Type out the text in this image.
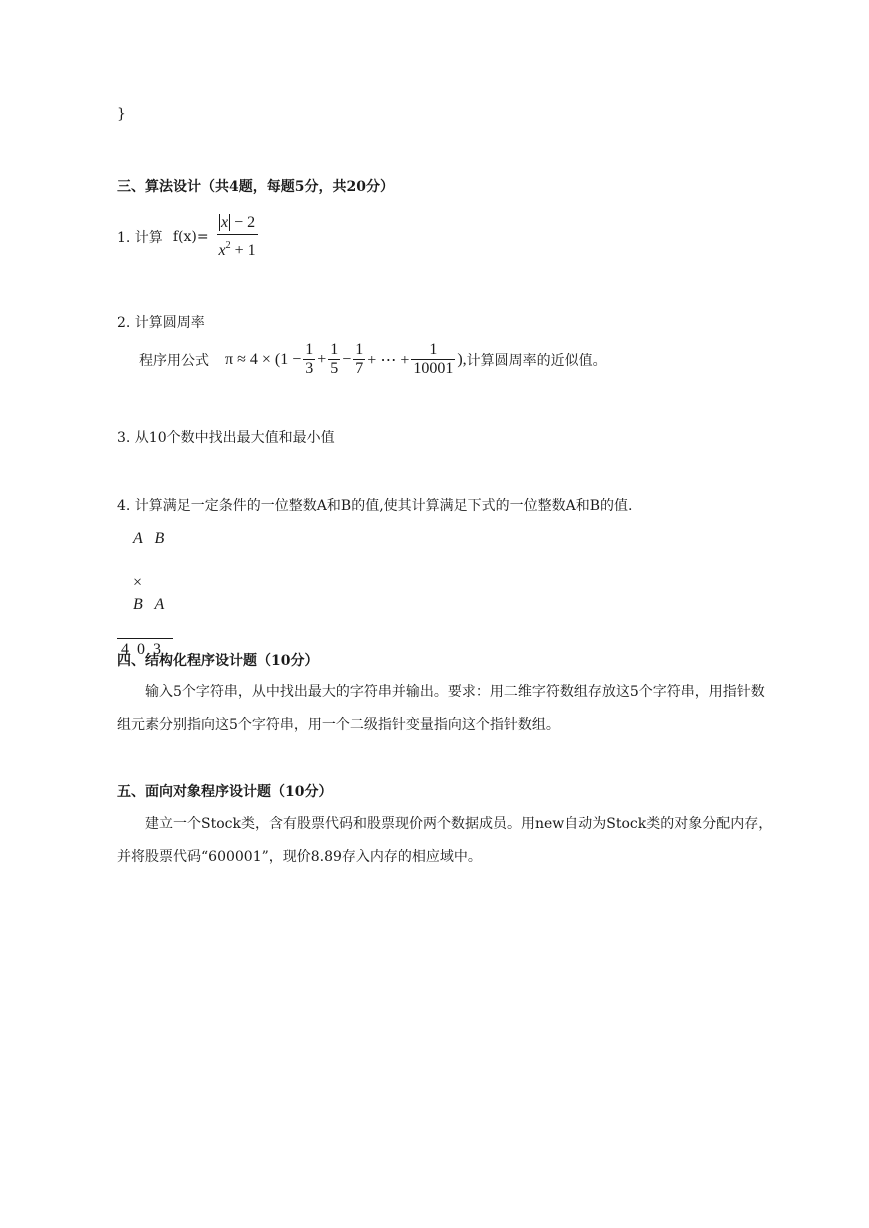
}
三、算法设计（共4题，每题5分，共20分）
1. 计算 $f(x)= \frac{x - 2}{x^2 + 1}$
2. 计算圆周率
程序用公式 $\pi \approx 4 \times (1 - \frac{1}{3} + \frac{1}{5} - \frac{1}{7}$ + ⋯ + $\frac{1}{10001}$ ), 计算圆周率的近似值。
3. 从10个数中找出最大值和最小值
4. 计算满足一定条件的一位整数A和B的值,使其计算满足下式的一位整数A和B的值.
A   B

×
B   A

4  0  3
四、结构化程序设计题（10分）
输入5个字符串，从中找出最大的字符串并输出。要求：用二维字符数组存放这5个字符串，用指针数组元素分别指向这5个字符串，用一个二级指针变量指向这个指针数组。
五、面向对象程序设计题（10分）
建立一个Stock类，含有股票代码和股票现价两个数据成员。用new自动为Stock类的对象分配内存，并将股票代码“600001”，现价8.89存入内存的相应域中。
